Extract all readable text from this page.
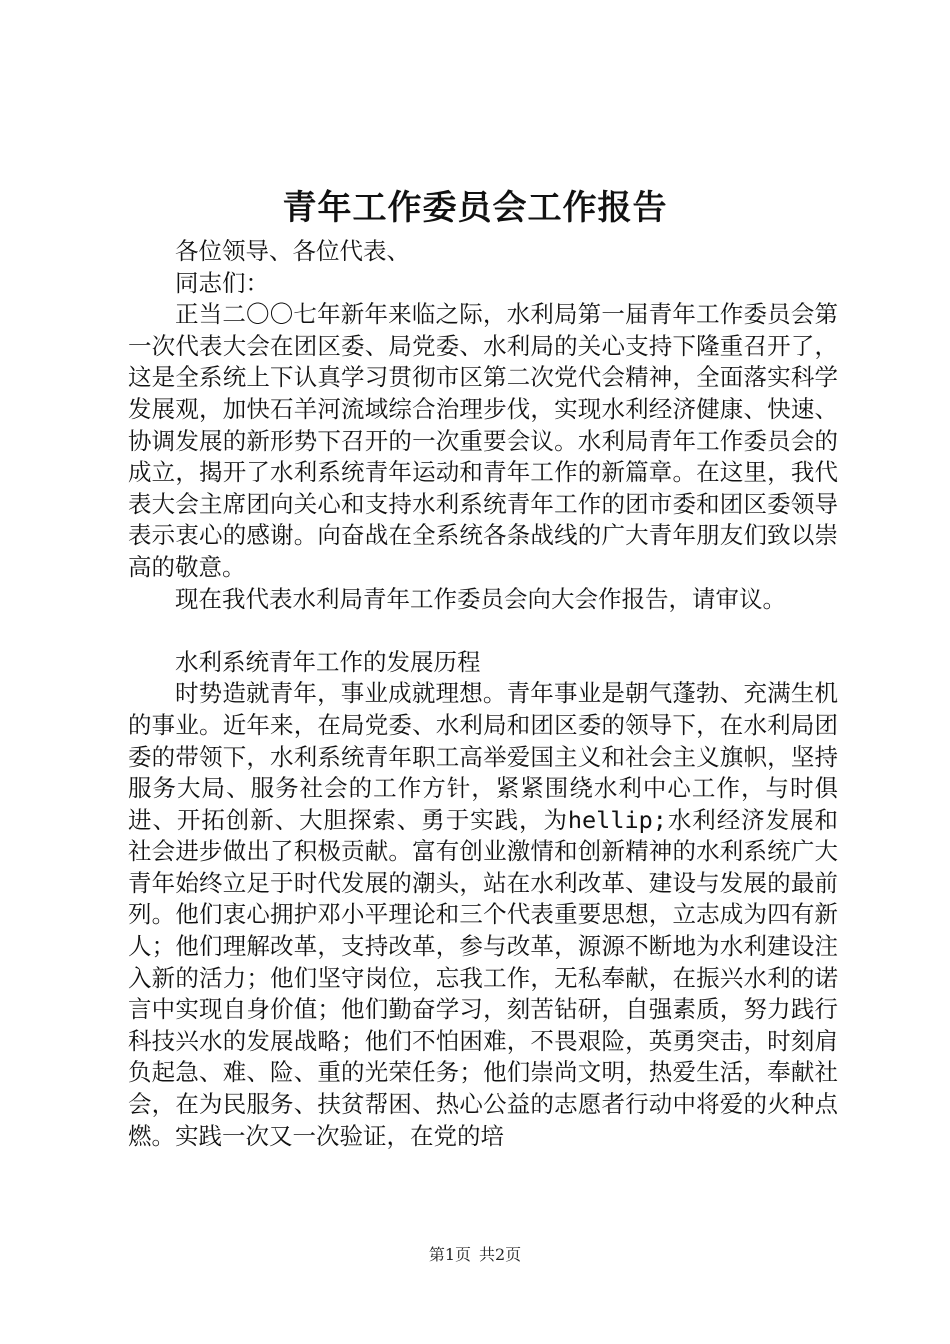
青年工作委员会工作报告

各位领导、各位代表、

同志们：

正当二〇〇七年新年来临之际，水利局第一届青年工作委员会第一次代表大会在团区委、局党委、水利局的关心支持下隆重召开了，这是全系统上下认真学习贯彻市区第二次党代会精神，全面落实科学发展观，加快石羊河流域综合治理步伐，实现水利经济健康、快速、协调发展的新形势下召开的一次重要会议。水利局青年工作委员会的成立，揭开了水利系统青年运动和青年工作的新篇章。在这里，我代表大会主席团向关心和支持水利系统青年工作的团市委和团区委领导表示衷心的感谢。向奋战在全系统各条战线的广大青年朋友们致以崇高的敬意。

现在我代表水利局青年工作委员会向大会作报告，请审议。

水利系统青年工作的发展历程

时势造就青年，事业成就理想。青年事业是朝气蓬勃、充满生机的事业。近年来，在局党委、水利局和团区委的领导下，在水利局团委的带领下，水利系统青年职工高举爱国主义和社会主义旗帜，坚持服务大局、服务社会的工作方针，紧紧围绕水利中心工作，与时俱进、开拓创新、大胆探索、勇于实践，为hellip;水利经济发展和社会进步做出了积极贡献。富有创业激情和创新精神的水利系统广大青年始终立足于时代发展的潮头，站在水利改革、建设与发展的最前列。他们衷心拥护邓小平理论和三个代表重要思想，立志成为四有新人；他们理解改革，支持改革，参与改革，源源不断地为水利建设注入新的活力；他们坚守岗位，忘我工作，无私奉献，在振兴水利的诺言中实现自身价值；他们勤奋学习，刻苦钻研，自强素质，努力践行科技兴水的发展战略；他们不怕困难，不畏艰险，英勇突击，时刻肩负起急、难、险、重的光荣任务；他们崇尚文明，热爱生活，奉献社会，在为民服务、扶贫帮困、热心公益的志愿者行动中将爱的火种点燃。实践一次又一次验证，在党的培

第1页 共2页
